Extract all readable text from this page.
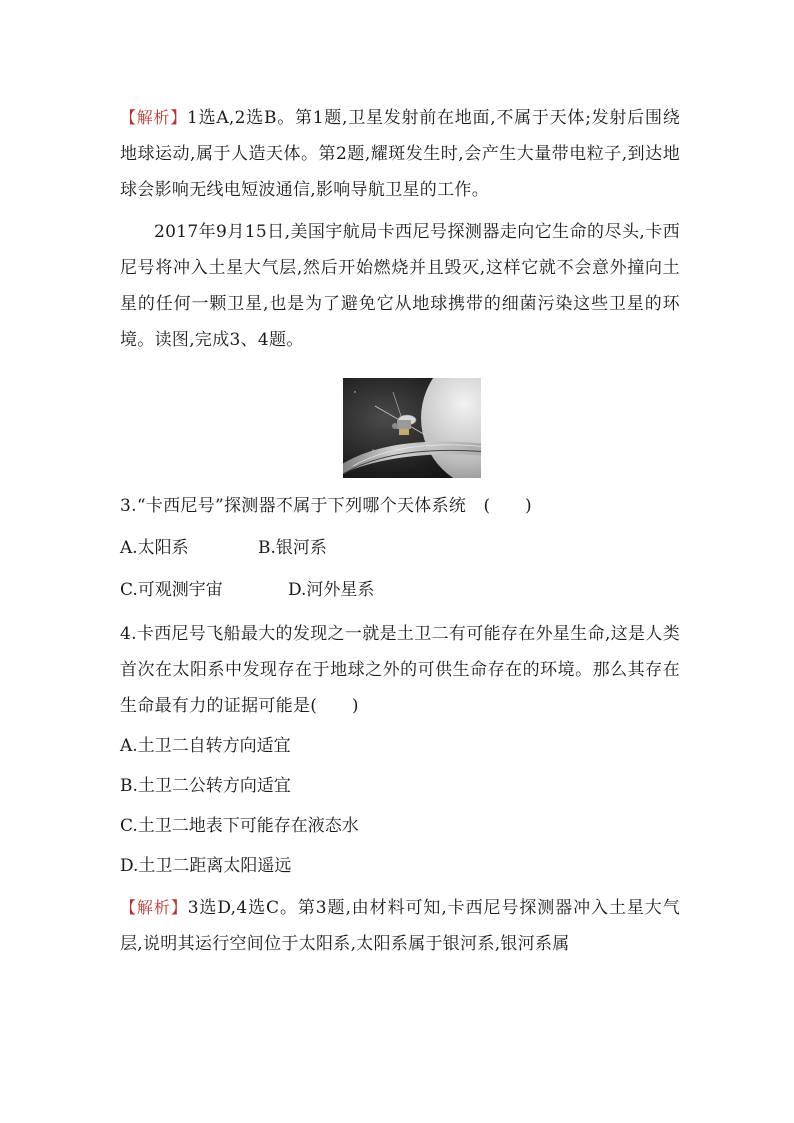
【解析】1选A,2选B。第1题,卫星发射前在地面,不属于天体;发射后围绕地球运动,属于人造天体。第2题,耀斑发生时,会产生大量带电粒子,到达地球会影响无线电短波通信,影响导航卫星的工作。

2017年9月15日,美国宇航局卡西尼号探测器走向它生命的尽头,卡西尼号将冲入土星大气层,然后开始燃烧并且毁灭,这样它就不会意外撞向土星的任何一颗卫星,也是为了避免它从地球携带的细菌污染这些卫星的环境。读图,完成3、4题。

3.“卡西尼号”探测器不属于下列哪个天体系统　(　　)

A.太阳系	B.银河系
C.可观测宇宙	D.河外星系

4.卡西尼号飞船最大的发现之一就是土卫二有可能存在外星生命,这是人类首次在太阳系中发现存在于地球之外的可供生命存在的环境。那么其存在生命最有力的证据可能是(　　)

A.土卫二自转方向适宜

B.土卫二公转方向适宜

C.土卫二地表下可能存在液态水

D.土卫二距离太阳遥远

【解析】3选D,4选C。第3题,由材料可知,卡西尼号探测器冲入土星大气层,说明其运行空间位于太阳系,太阳系属于银河系,银河系属
